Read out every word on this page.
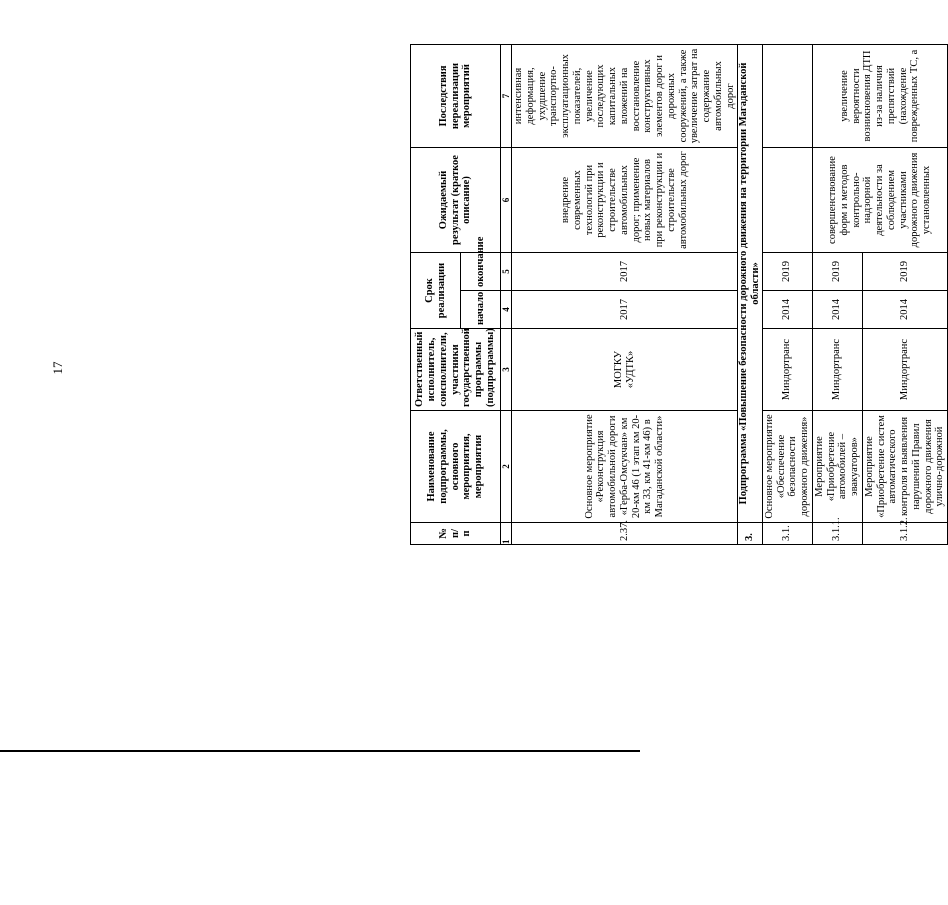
17
№ п/п	Наименование подпрограммы, основного мероприятия, мероприятия	Ответственный исполнитель, соисполнители, участники государственной программы (подпрограммы)	Срок реализации		Ожидаемый результат (краткое описание)	Последствия нереализации мероприятий
			начало	окончание		
1	2	3	4	5	6	7
2.37.	Основное мероприятие «Реконструкция автомобильной дороги «Герба-Омсукчан» км 20-км 46 (1 этап км 20-км 33, км 41-км 46) в Магаданской области»	МОГКУ «УДТК»	2017	2017	внедрение современных технологий при реконструкции и строительстве автомобильных дорог; применение новых материалов при реконструкции и строительстве автомобильных дорог	интенсивная деформация, ухудшение транспортно-эксплуатационных показателей, увеличение последующих капитальных вложений на восстановление конструктивных элементов дорог и дорожных сооружений, а также увеличение затрат на содержание автомобильных дорог
3.	Подпрограмма «Повышение безопасности дорожного движения на территории Магаданской области»					
3.1.	Основное мероприятие «Обеспечение безопасности дорожного движения»	Миндортранс	2014	2019		
3.1.1.	Мероприятие «Приобретение автомобилей – эвакуаторов»	Миндортранс	2014	2019	совершенствование форм и методов контрольно-надзорной деятельности за соблюдением участниками дорожного движения установленных	увеличение вероятности возникновения ДТП из-за наличия препятствий (нахождение поврежденных ТС, а
3.1.2.	Мероприятие «Приобретение систем автоматического контроля и выявления нарушений Правил дорожного движения улично-дорожной	Миндортранс	2014	2019		
